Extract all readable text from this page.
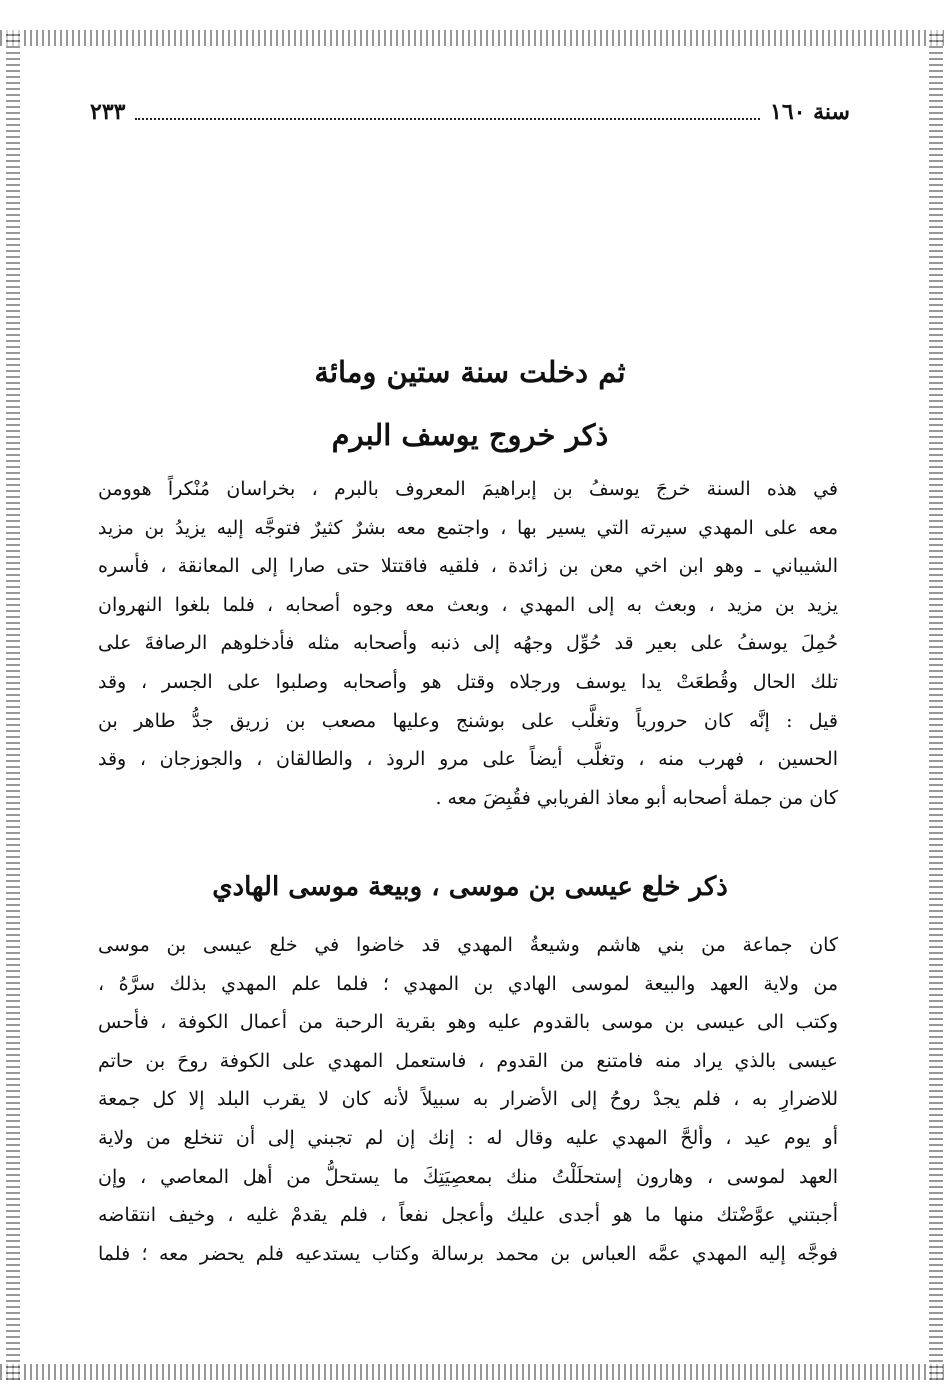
سنة ١٦٠
٢٣٣
ثم دخلت سنة ستين ومائة
ذكر خروج يوسف البرم
في هذه السنة خرجَ يوسفُ بن إبراهيمَ المعروف بالبرم ، بخراسان مُنْكراً هوومن
معه على المهدي سيرته التي يسير بها ، واجتمع معه بشرٌ كثيرٌ فتوجَّه إليه يزيدُ بن مزيد
الشيباني ـ وهو ابن اخي معن بن زائدة ، فلقيه فاقتتلا حتى صارا إلى المعانقة ، فأسره
يزيد بن مزيد ، وبعث به إلى المهدي ، وبعث معه وجوه أصحابه ، فلما بلغوا النهروان
حُمِلَ يوسفُ على بعير قد حُوِّل وجهُه إلى ذنبه وأصحابه مثله فأدخلوهم الرصافةَ على
تلك الحال وقُطعَتْ يدا يوسف ورجلاه وقتل هو وأصحابه وصلبوا على الجسر ، وقد
قيل : إنَّه كان حرورياً وتغلَّب على بوشنج وعليها مصعب بن زريق جدُّ طاهر بن
الحسين ، فهرب منه ، وتغلَّب أيضاً على مرو الروذ ، والطالقان ، والجوزجان ، وقد
كان من جملة أصحابه أبو معاذ الفريابي فقُبِضَ معه .
ذكر خلع عيسى بن موسى ، وبيعة موسى الهادي
كان جماعة من بني هاشم وشيعةُ المهدي قد خاضوا في خلع عيسى بن موسى
من ولاية العهد والبيعة لموسى الهادي بن المهدي ؛ فلما علم المهدي بذلك سرَّهُ ،
وكتب الى عيسى بن موسى بالقدوم عليه وهو بقرية الرحبة من أعمال الكوفة ، فأحس
عيسى بالذي يراد منه فامتنع من القدوم ، فاستعمل المهدي على الكوفة روحَ بن حاتم
للاضرارِ به ، فلم يجدْ روحُ إلى الأضرار به سبيلاً لأنه كان لا يقرب البلد إلا كل جمعة
أو يوم عيد ، وألحَّ المهدي عليه وقال له : إنك إن لم تجبني إلى أن تنخلع من ولاية
العهد لموسى ، وهارون إستحلَلْتُ منك بمعصِيَتِكَ ما يستحلُّ من أهل المعاصي ، وإن
أجبتني عوَّضْتك منها ما هو أجدى عليك وأعجل نفعاً ، فلم يقدمْ غليه ، وخيف انتقاضه
فوجَّه إليه المهدي عمَّه العباس بن محمد برسالة وكتاب يستدعيه فلم يحضر معه ؛ فلما
